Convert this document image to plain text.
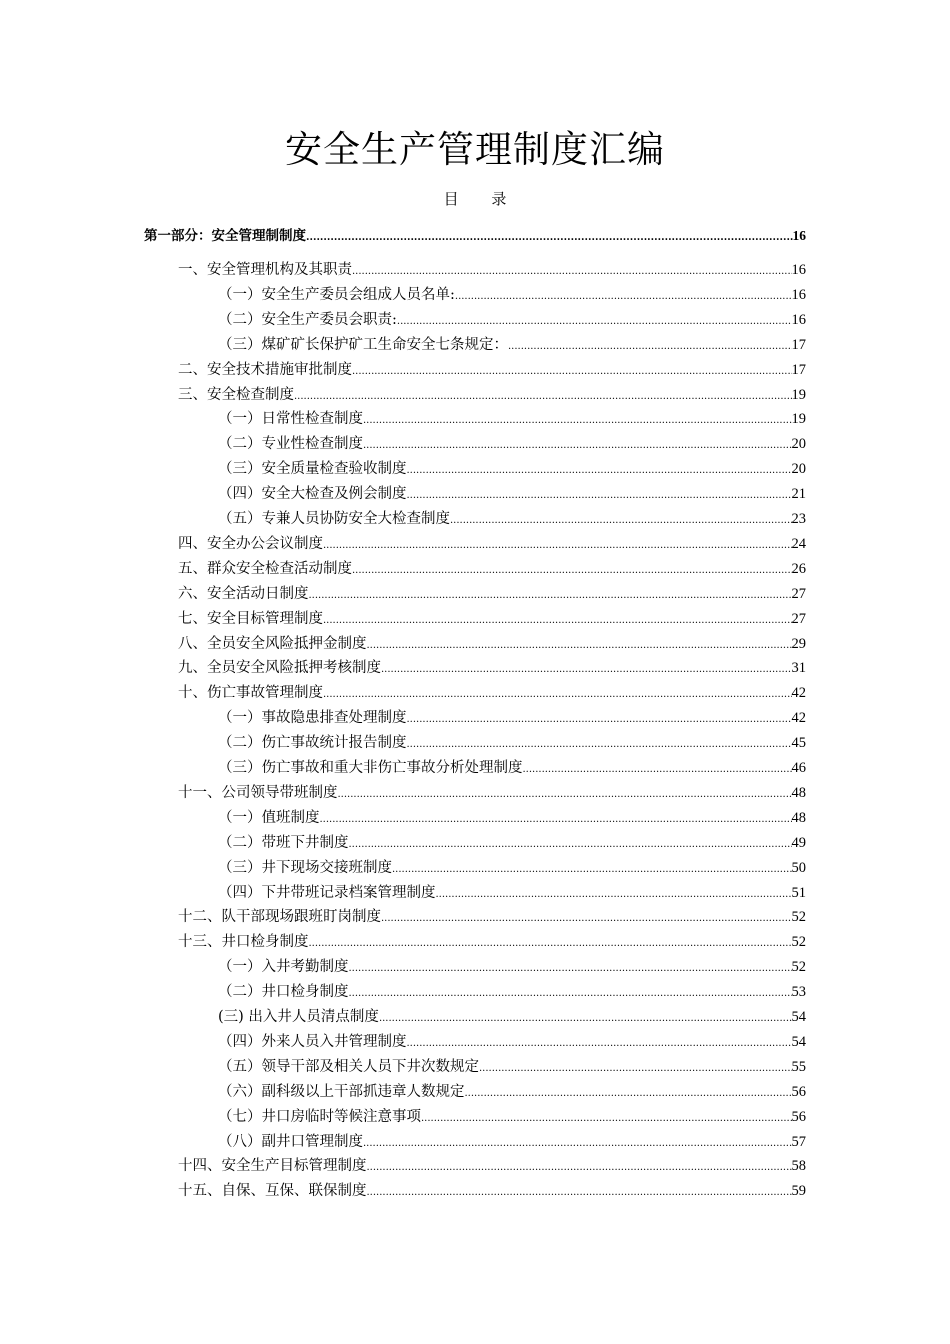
安全生产管理制度汇编
目 录
第一部分：安全管理制制度 .....	16
一、安全管理机构及其职责 .....	16
（一）安全生产委员会组成人员名单: .....	16
（二）安全生产委员会职责: .....	16
（三）煤矿矿长保护矿工生命安全七条规定： .....	17
二、安全技术措施审批制度 .....	17
三、安全检查制度 .....	19
（一）日常性检查制度 .....	19
（二）专业性检查制度 .....	20
（三）安全质量检查验收制度 .....	20
（四）安全大检查及例会制度 .....	21
（五）专兼人员协防安全大检查制度 .....	23
四、安全办公会议制度 .....	24
五、群众安全检查活动制度 .....	26
六、安全活动日制度 .....	27
七、安全目标管理制度 .....	27
八、全员安全风险抵押金制度 .....	29
九、全员安全风险抵押考核制度 .....	31
十、伤亡事故管理制度 .....	42
（一）事故隐患排查处理制度 .....	42
（二）伤亡事故统计报告制度 .....	45
（三）伤亡事故和重大非伤亡事故分析处理制度 .....	46
十一、公司领导带班制度 .....	48
（一）值班制度 .....	48
（二）带班下井制度 .....	49
（三）井下现场交接班制度 .....	50
（四）下井带班记录档案管理制度 .....	51
十二、队干部现场跟班盯岗制度 .....	52
十三、井口检身制度 .....	52
（一）入井考勤制度 .....	52
（二）井口检身制度 .....	53
(三) 出入井人员清点制度 .....	54
（四）外来人员入井管理制度 .....	54
（五）领导干部及相关人员下井次数规定 .....	55
（六）副科级以上干部抓违章人数规定 .....	56
（七）井口房临时等候注意事项 .....	56
（八）副井口管理制度 .....	57
十四、安全生产目标管理制度 .....	58
十五、自保、互保、联保制度 .....	59
